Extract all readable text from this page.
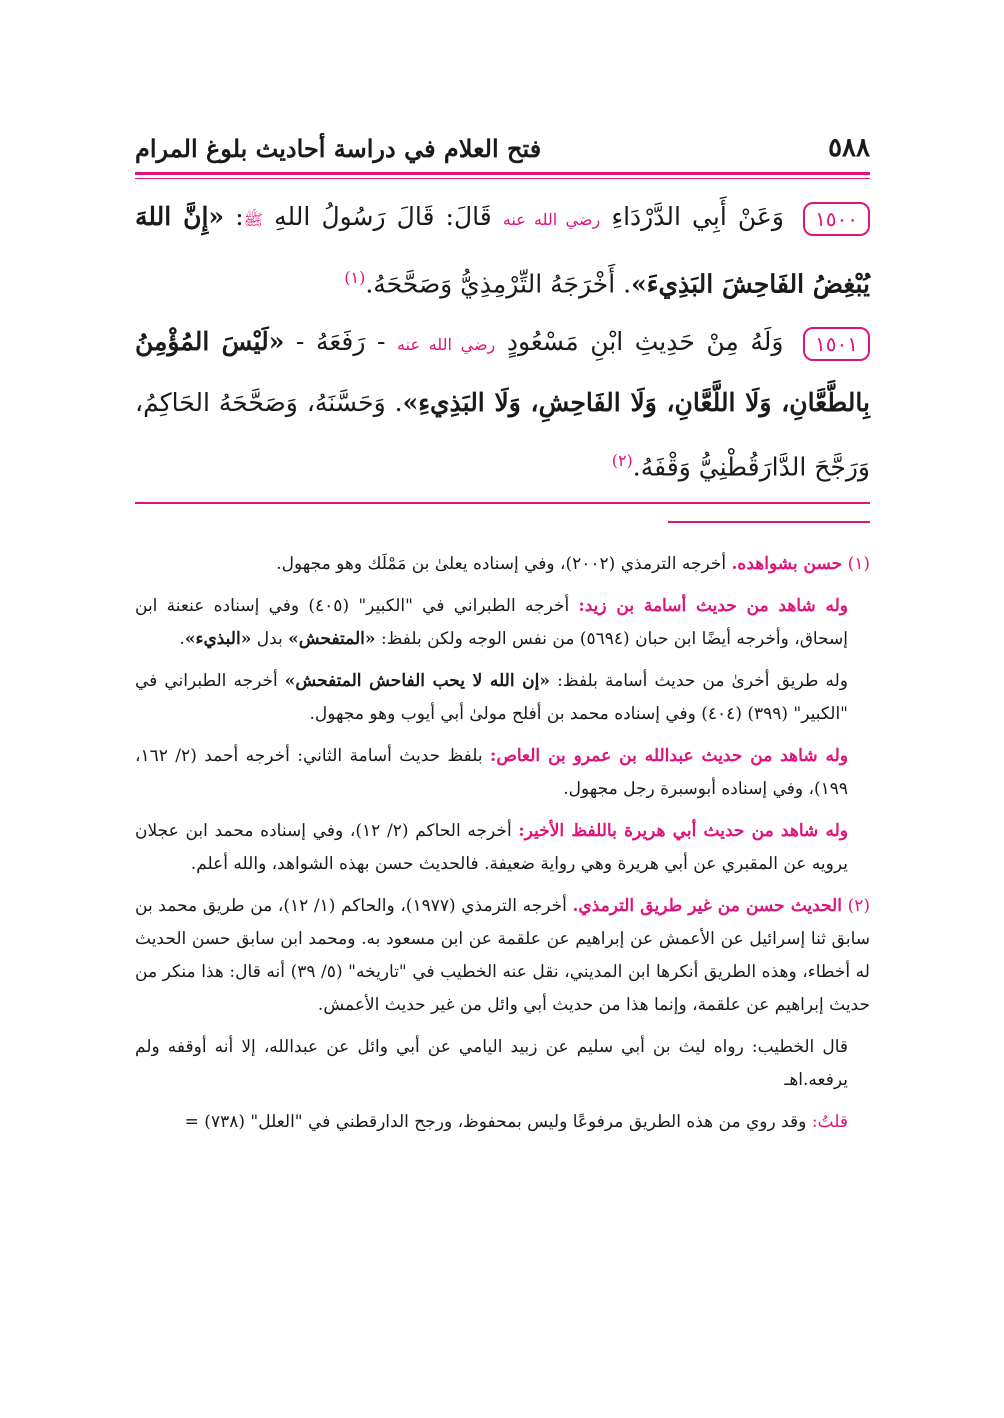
٥٨٨
فتح العلام في دراسة أحاديث بلوغ المرام

١٥٠٠ وَعَنْ أَبِي الدَّرْدَاءِ رضي الله عنه قَالَ: قَالَ رَسُولُ اللهِ ﷺ: «إِنَّ اللهَ يُبْغِضُ الفَاحِشَ البَذِيءَ». أَخْرَجَهُ التِّرْمِذِيُّ وَصَحَّحَهُ.$^{(١)}$

١٥٠١ وَلَهُ مِنْ حَدِيثِ ابْنِ مَسْعُودٍ رضي الله عنه - رَفَعَهُ - «لَيْسَ المُؤْمِنُ بِالطَّعَّانِ، وَلَا اللَّعَّانِ، وَلَا الفَاحِشِ، وَلَا البَذِيءِ». وَحَسَّنَهُ، وَصَحَّحَهُ الحَاكِمُ، وَرَجَّحَ الدَّارَقُطْنِيُّ وَقْفَهُ.$^{(٢)}$

(١) حسن بشواهده. أخرجه الترمذي (٢٠٠٢)، وفي إسناده يعلىٰ بن مَمْلَك وهو مجهول.

وله شاهد من حديث أسامة بن زيد: أخرجه الطبراني في "الكبير" (٤٠٥) وفي إسناده عنعنة ابن إسحاق، وأخرجه أيضًا ابن حبان (٥٦٩٤) من نفس الوجه ولكن بلفظ: «المتفحش» بدل «البذيء».

وله طريق أخرىٰ من حديث أسامة بلفظ: «إن الله لا يحب الفاحش المتفحش» أخرجه الطبراني في "الكبير" (٣٩٩) (٤٠٤) وفي إسناده محمد بن أفلح مولىٰ أبي أيوب وهو مجهول.

وله شاهد من حديث عبدالله بن عمرو بن العاص: بلفظ حديث أسامة الثاني: أخرجه أحمد (٢/ ١٦٢، ١٩٩)، وفي إسناده أبوسبرة رجل مجهول.

وله شاهد من حديث أبي هريرة باللفظ الأخير: أخرجه الحاكم (٢/ ١٢)، وفي إسناده محمد ابن عجلان يرويه عن المقبري عن أبي هريرة وهي رواية ضعيفة. فالحديث حسن بهذه الشواهد، والله أعلم.

(٢) الحديث حسن من غير طريق الترمذي. أخرجه الترمذي (١٩٧٧)، والحاكم (١/ ١٢)، من طريق محمد بن سابق ثنا إسرائيل عن الأعمش عن إبراهيم عن علقمة عن ابن مسعود به. ومحمد ابن سابق حسن الحديث له أخطاء، وهذه الطريق أنكرها ابن المديني، نقل عنه الخطيب في "تاريخه" (٥/ ٣٩) أنه قال: هذا منكر من حديث إبراهيم عن علقمة، وإنما هذا من حديث أبي وائل من غير حديث الأعمش.

قال الخطيب: رواه ليث بن أبي سليم عن زبيد اليامي عن أبي وائل عن عبدالله، إلا أنه أوقفه ولم يرفعه.اهـ

قلتُ: وقد روي من هذه الطريق مرفوعًا وليس بمحفوظ، ورجح الدارقطني في "العلل" (٧٣٨) =
